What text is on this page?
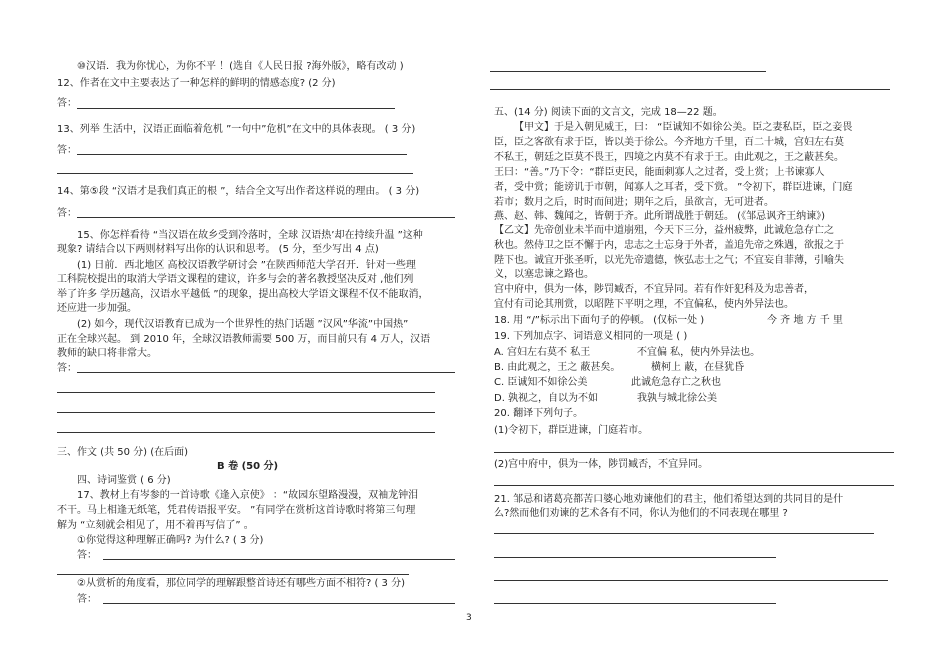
⑩汉语．我为你忧心，为你不平 ！(选自《人民日报 ?海外版》，略有改动 )
12、作者在文中主要表达了一种怎样的鲜明的情感态度? (2 分)
答：
13、列举 生活中，汉语正面临着危机 ”一句中”危机”在文中的具体表现。 ( 3 分)
答：
14、第⑤段 “汉语才是我们真正的根 ”，结合全文写出作者这样说的理由。 ( 3 分)
答：
15、你怎样看待 “当汉语在故乡受到冷落时，全球 汉语热’却在持续升温 ”这种
现象? 请结合以下两则材料写出你的认识和思考。 (5 分，至少写出 4 点)
(1) 日前．西北地区 高校汉语教学研讨会 ”在陕西师范大学召开．针对一些理
工科院校提出的取消大学语文课程的建议，许多与会的著名教授坚决反对 ,他们列
举了许多 学历越高，汉语水平越低 ”的现象，提出高校大学语文课程不仅不能取消，
还应进一步加强。
(2) 如今，现代汉语教育已成为一个世界性的热门话题 ”汉风”华流”中国热”
正在全球兴起。 到 2010 年，全球汉语教师需要 500 万，而目前只有 4 万人，汉语
教师的缺口将非常大。
答：
三、作文 (共 50 分) (在后面)
B 卷 (50 分)
四、诗词鉴赏 ( 6 分)
17、教材上有岑参的一首诗歌《逢入京使》 ：“故园东望路漫漫，双袖龙钟泪
不干。马上相逢无纸笔，凭君传语报平安。 ”有同学在赏析这首诗歌时将第三句理
解为 “立刻就会相见了，用不着再写信了” 。
①你觉得这种理解正确吗? 为什么? ( 3 分)
答：
②从赏析的角度看，那位同学的理解跟整首诗还有哪些方面不相符? ( 3 分)
答：
五、(14 分) 阅读下面的文言文，完成 18—22 题。
【甲文】于是入朝见威王，曰： “臣诚知不如徐公美。臣之妻私臣，臣之妾畏
臣，臣之客欲有求于臣，皆以美于徐公。今齐地方千里，百二十城，宫妇左右莫
不私王，朝廷之臣莫不畏王，四境之内莫不有求于王。由此观之，王之蔽甚矣。
王曰：“善。”乃下令：“群臣吏民，能面刺寡人之过者，受上赏；上书谏寡人
者，受中赏；能谤讥于市朝，闻寡人之耳者，受下赏。 ”令初下，群臣进谏，门庭
若市；数月之后，时时而间进；期年之后，虽欲言，无可进者。
燕、赵、韩、魏闻之，皆朝于齐。此所谓战胜于朝廷。 (《邹忌讽齐王纳谏》)
【乙文】先帝创业未半而中道崩殂，今天下三分，益州疲弊，此诚危急存亡之
秋也。然侍卫之臣不懈于内，忠志之士忘身于外者，盖追先帝之殊遇，欲报之于
陛下也。诚宜开张圣听，以光先帝遗德，恢弘志士之气；不宜妄自菲薄，引喻失
义，以塞忠谏之路也。
宫中府中，俱为一体，陟罚臧否，不宜异同。若有作奸犯科及为忠善者，
宜付有司论其刑赏，以昭陛下平明之理，不宜偏私，使内外异法也。
18. 用 “/”标示出下面句子的停顿。 (仅标一处 )	今 齐 地 方 千 里
19. 下列加点字、词语意义相同的一项是 ( )
A. 宫妇左右莫不 私王	不宜偏 私，使内外异法也。
B. 由此观之，王之 蔽甚矣。	横柯上 蔽，在昼犹昏
C. 臣诚知不如徐公美	此诚危急存亡之秋也
D. 孰视之，自以为不如	我孰与城北徐公美
20. 翻译下列句子。
(1)令初下，群臣进谏，门庭若市。
(2)宫中府中，俱为一体，陟罚臧否，不宜异同。
21. 邹忌和诸葛亮都苦口婆心地劝谏他们的君主，他们希望达到的共同目的是什
么?然而他们劝谏的艺术各有不同，你认为他们的不同表现在哪里 ?
3
